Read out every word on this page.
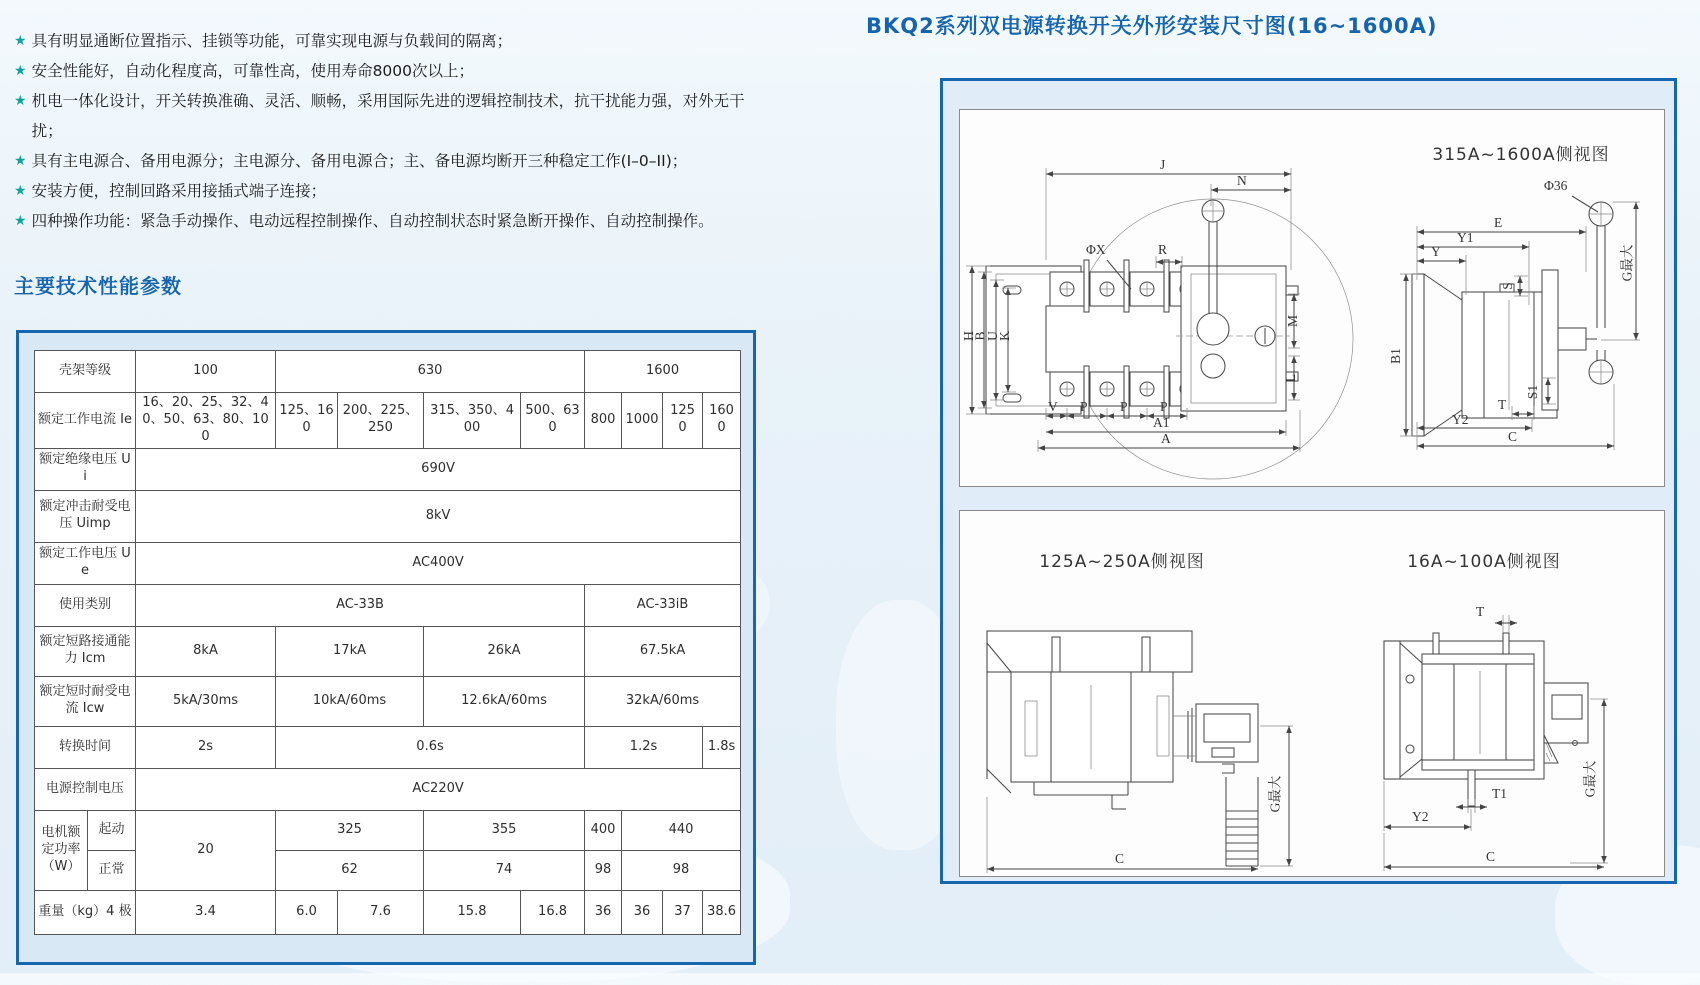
★ 具有明显通断位置指示、挂锁等功能，可靠实现电源与负载间的隔离；
★ 安全性能好，自动化程度高，可靠性高，使用寿命8000次以上；
★ 机电一体化设计，开关转换准确、灵活、顺畅，采用国际先进的逻辑控制技术，抗干扰能力强，对外无干扰；
★ 具有主电源合、备用电源分；主电源分、备用电源合；主、备电源均断开三种稳定工作(I–0–II)；
★ 安装方便，控制回路采用接插式端子连接；
★ 四种操作功能：紧急手动操作、电动远程控制操作、自动控制状态时紧急断开操作、自动控制操作。
主要技术性能参数
壳架等级		100	630				1600			
额定工作电流 Ie		16、20、25、32、40、50、63、80、100	125、160	200、225、250	315、350、400	500、630	800	1000	1250	1600
额定绝缘电压 Ui		690V								
额定冲击耐受电压 Uimp		8kV								
额定工作电压 Ue		AC400V								
使用类别		AC-33B					AC-33iB			
额定短路接通能力 Icm		8kA	17kA		26kA		67.5kA			
额定短时耐受电流 Icw		5kA/30ms	10kA/60ms		12.6kA/60ms		32kA/60ms			
转换时间		2s	0.6s				1.2s			1.8s
电源控制电压		AC220V								
电机额定功率（W）	起动	20	325		355		400	440		
	正常		62		74		98	98		
重量（kg）4 极		3.4	6.0	7.6	15.8	16.8	36	36	37	38.6
BKQ2系列双电源转换开关外形安装尺寸图(16~1600A)
315A~1600A侧视图
J
N
ΦX	R
H
B
U
K
M
L
V P P P
A1
A
Φ36
E
Y1
Y	G最大
B1
S
S1
T
Y2
C
125A~250A侧视图	16A~100A侧视图
G最大
C
T
T1
Y2
G最大
C
